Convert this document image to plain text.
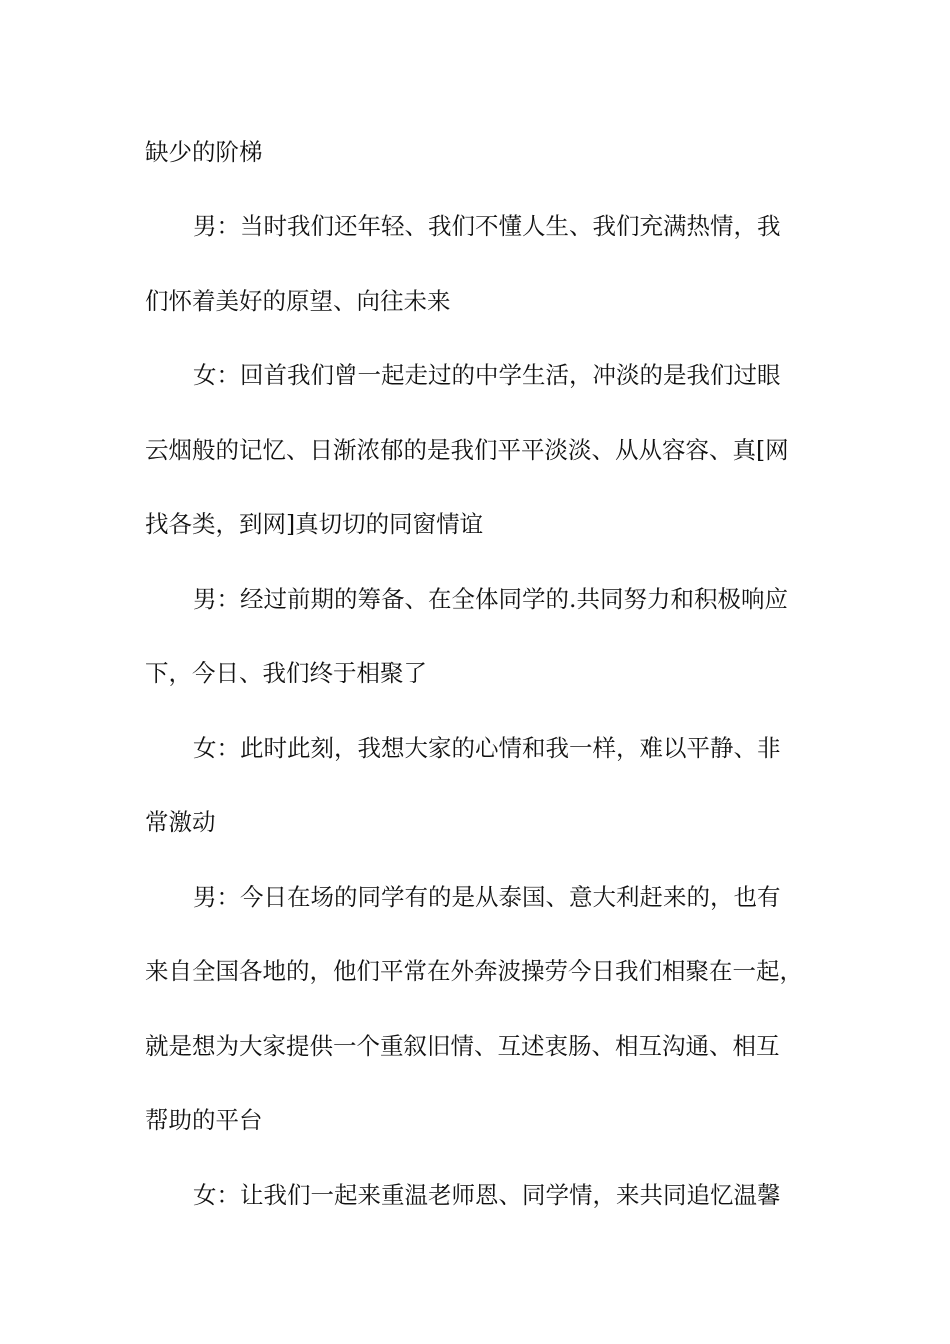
缺少的阶梯
男：当时我们还年轻、我们不懂人生、我们充满热情，我
们怀着美好的原望、向往未来
女：回首我们曾一起走过的中学生活，冲淡的是我们过眼
云烟般的记忆、日渐浓郁的是我们平平淡淡、从从容容、真[网
找各类，到网]真切切的同窗情谊
男：经过前期的筹备、在全体同学的.共同努力和积极响应
下，今日、我们终于相聚了
女：此时此刻，我想大家的心情和我一样，难以平静、非
常激动
男：今日在场的同学有的是从泰国、意大利赶来的，也有
来自全国各地的，他们平常在外奔波操劳今日我们相聚在一起，
就是想为大家提供一个重叙旧情、互述衷肠、相互沟通、相互
帮助的平台
女：让我们一起来重温老师恩、同学情，来共同追忆温馨
